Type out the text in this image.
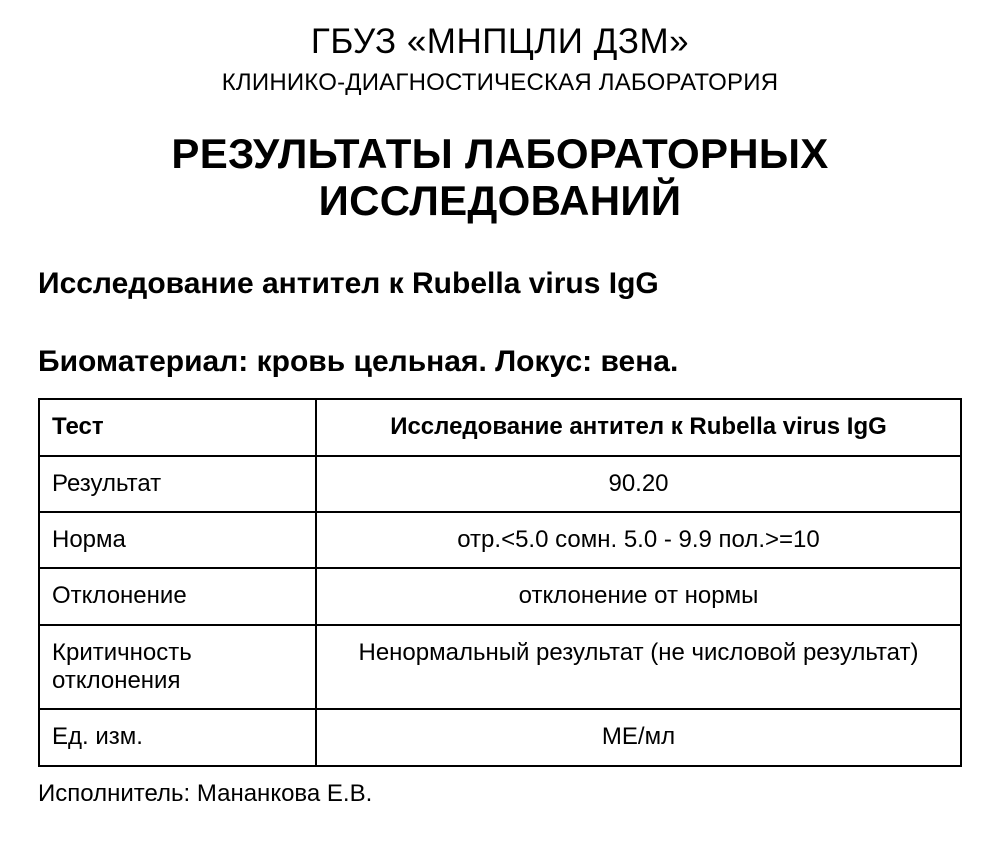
ГБУЗ «МНПЦЛИ ДЗМ»
КЛИНИКО-ДИАГНОСТИЧЕСКАЯ ЛАБОРАТОРИЯ
РЕЗУЛЬТАТЫ ЛАБОРАТОРНЫХ ИССЛЕДОВАНИЙ
Исследование антител к Rubella virus IgG
Биоматериал: кровь цельная. Локус: вена.
Тест	Исследование антител к Rubella virus IgG
Результат	90.20
Норма	отр.<5.0 сомн. 5.0 - 9.9 пол.>=10
Отклонение	отклонение от нормы
Критичность отклонения	Ненормальный результат (не числовой результат)
Ед. изм.	МЕ/мл
Исполнитель: Мананкова Е.В.
